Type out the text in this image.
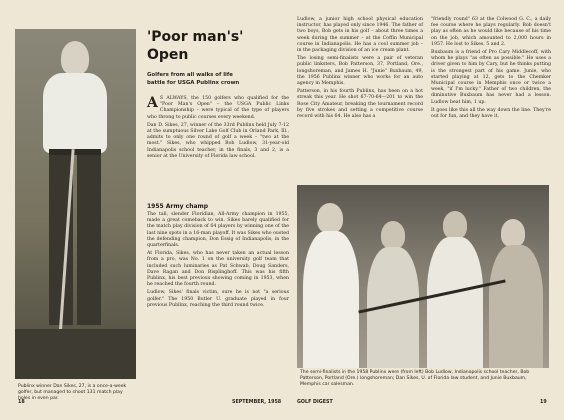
Publinx winner Dan Sikes, 27, is a once-a-week golfer, but managed to shoot 131 match play holes in even par.
'Poor man's'
Open
Golfers from all walks of life
battle for USGA Publinx crown

A S ALWAYS, the 150 golfers who qualified for the "Poor Man's Open" – the USGA Public Links Championship – were typical of the type of players who throng to public courses every weekend.

Dan D. Sikes, 27, winner of the 33rd Publinx held July 7-12 at the sumptuous Silver Lake Golf Club in Orland Park, Ill., admits to only one round of golf a week – "two at the most." Sikes, who whipped Bob Ludlow, 31-year-old Indianapolis school teacher, in the finals, 3 and 2, is a senior at the University of Florida law school.

1955 Army champ

The tall, slender Floridian, All-Army champion in 1955, made a great comeback to win. Sikes barely qualified for the match play division of 64 players by winning one of the last nine spots in a 16-man playoff. It was Sikes who ousted the defending champion, Don Essig of Indianapolis, in the quarterfinals.

At Florida, Sikes, who has never taken an actual lesson from a pro, was No. 1 on the university golf team that included such luminaries as Pat Schwab, Doug Sanders, Dave Ragan and Don Bisplinghoff. This was his fifth Publinx, his best previous showing coming in 1953, when he reached the fourth round.

Ludlow, Sikes' finals victim, sure he is not "a serious golfer." The 1950 Butler U. graduate played in four previous Publinx, reaching the third round twice.

Ludlow, a junior high school physical education instructor, has played only since 1946. The father of two boys, Bob gets in his golf – about three times a week during the summer – at the Coffin Municipal course in Indianapolis. He has a cool summer job – in the packaging division of an ice cream plant.

The losing semi-finalists were a pair of veteran public linksters, Bob Patterson, 37, Portland, Ore., longshoreman, and James H. "Junie" Buxbaum, 49, the 1956 Publinx winner who works for an auto agency in Memphis.

Patterson, in his fourth Publinx, has been on a hot streak this year. He shot 67-70-64—201 to win the Rose City Amateur, breaking the tournament record by five strokes and setting a competitive course record with his 64. He also has a

"friendly round" 63 at the Colwood G. C., a daily fee course where he plays regularly. Bob doesn't play as often as he would like because of his time on the job, which amounted to 2,000 hours in 1957. He lost to Sikes, 5 and 2.

Buxbaum is a friend of Pro Cary Middlecoff, with whom he plays "as often as possible." He uses a driver given to him by Cary, but he thinks putting is the strongest part of his game. Junie, who started playing at 12, gets to the Chemker Municipal course in Memphis once or twice a week, "if I'm lucky." Father of two children, the diminutive Buxbaum has never had a lesson. Ludlow beat him, 1 up.

It goes like this all the way down the line. They're out for fun, and they have it.

The semi-finalists in the 1958 Publinx were (from left) Bob Ludlow, Indianapolis school teacher, Bob Patterson, Portland (Ore.) longshoreman; Dan Sikes, U. of Florida law student, and Junie Buxbaum, Memphis car salesman.
18	SEPTEMBER, 1958	GOLF DIGEST	19
